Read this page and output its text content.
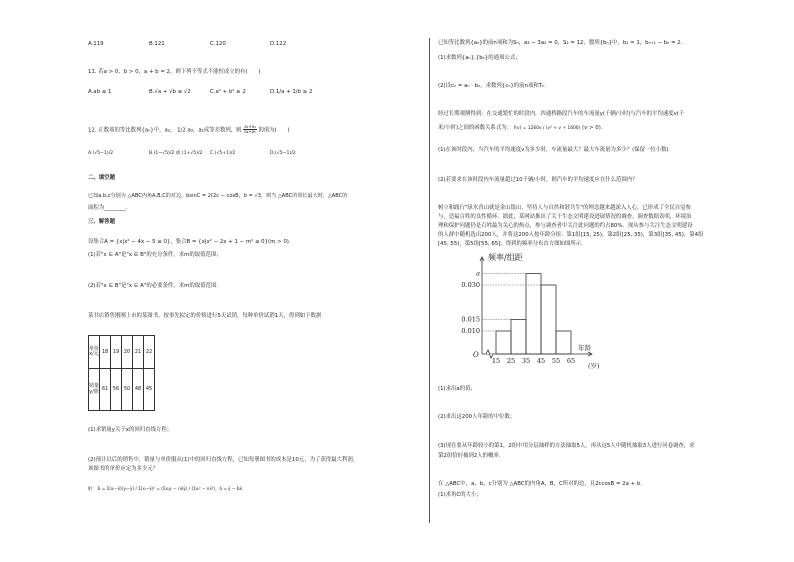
A.119	B.121	C.120	D.122
11. 若a > 0，b > 0，a + b = 2，则下列不等式不能恒成立的有(　　)
A.ab ≤ 1	B.√a + √b ≤ √2	C.a² + b² ≥ 2	D.1/a + 1/b ≥ 2
12. 正数项的等比数列{aₙ}中，a₂， 1/2 a₃，a₁成等差数列，则 $\frac{\text{a₃+a₄}}{\text{a₄+a₅}}$ 的值为(　　)
A.(√5−1)/2	B.(1−√5)/2 或 (1+√5)/2 C.(√5+1)/2	D.(√5−1)/2
二、填空题
已知a,b,c分别为 △ABC内角A,B,C的对边，bsinC = 2(2c − cosB，b = √3，则当 △ABC的周长最大时，△ABC的
面积为________．
三、解答题
设集合A = {x|x² − 4x − 5 ≤ 0}，集合B = {x|x² − 2x + 1 − m² ≤ 0}(m > 0)．
(1)若"x ∈ A"是"x ∈ B"的充分条件，求m的取值范围；
(2)若"x ∈ B"是"x ∈ A"的必要条件，求m的取值范围．
某书店销售刚刚上市的某图书，按事先拟定的价格进行5天试销，每种单价试销1天，得到如下数据
单价x/元	18	19	20	21	22
销量y/册	61	56	50	48	45
(1)求销量y关于x的回归直线方程；
(2)预计以后的销售中，销量与单价服从(1)中的回归直线方程，已知每册图书的成本是10元，为了获得最大利润，
该图书的单价应定为多少元？
附： b̂ = Σ(xᵢ−x̄)(yᵢ−ȳ) / Σ(xᵢ−x̄)² = (Σxᵢyᵢ − nx̄ȳ) / (Σxᵢ² − nx̄²)，â = ȳ − b̂x̄．
已知等比数列{aₙ}的前n项和为Sₙ，a₃ − 3a₂ = 0，S₂ = 12，数列{bₙ}中，b₁ = 1，bₙ₊₁ − bₙ = 2．
(1)求数列{aₙ},{bₙ}的通项公式；
(2)设cₙ = aₙ · bₙ，求数列{cₙ}的前n项和Tₙ．
经过长期观测得到：在交通繁忙的时段内，四通桥路段汽车的车流量y(千辆/小时)与汽车的平均速度v(千
米/小时)之间的函数关系式为： f(v) = 1260v / (v² + v + 1600) (v > 0)．
(1)在该时段内，当汽车的平均速度v为多少时，车流量最大？最大车流量为多少？(保留一位小数)
(2)若要求在该时段内车流量超过10千辆/小时，则汽车的平均速度应在什么范围内？
树立和践行"绿水青山就是金山银山，坚持人与自然和谐共生"的理念越来越深入人心，已形成了全民自觉参
与，造福百姓的良性循环．据此，某网站推出了关于生态文明建设进展情况的调查，调查数据表明，环境治
理和保护问题仍是百姓最为关心的热点，参与调查者中关注此问题的约占80%．现从参与关注生态文明建设
的人群中随机选出200人，并将这200人按年龄分组：第1组[15, 25)，第2组[25, 35)，第3组[35, 45)，第4组
[45, 55)，第5组[55, 65]，得到的频率分布直方图如图所示．
0.010
0.015
0.030
a
15 25 35 45 55 65
频率/组距
年龄
(岁)
O
(1)求出a的值；
(2)求出这200人年龄的中位数；
(3)现在要从年龄较小的第1，2组中用分层抽样的方法抽取5人，再从这5人中随机抽取3人进行问卷调查，求
第2组恰好抽到2人的概率．
在 △ABC中，a，b，c分别为 △ABC的内角A，B，C所对的边，且2ccosB = 2a + b．
(1)求角C的大小；
